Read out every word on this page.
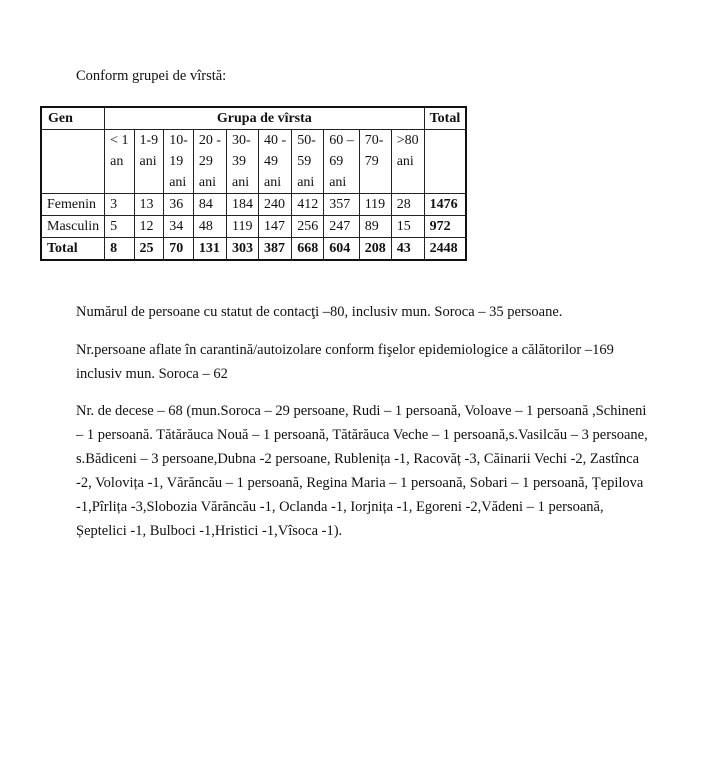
Conform grupei de vîrstă:
Gen	Grupa de vîrsta										Total
	< 1	1-9	10-	20 -	30-	40 -	50-	60 –	70-	>80	
	an	ani	19	29	39	49	59	69	79	ani	
			ani	ani	ani	ani	ani	ani			
Femenin	3	13	36	84	184	240	412	357	119	28	1476
Masculin	5	12	34	48	119	147	256	247	89	15	972
Total	8	25	70	131	303	387	668	604	208	43	2448
Numărul de persoane cu statut de contacţi –80, inclusiv mun. Soroca – 35 persoane.
Nr.persoane aflate în carantină/autoizolare conform fişelor epidemiologice a călătorilor –169 inclusiv mun. Soroca – 62
Nr. de decese – 68 (mun.Soroca – 29 persoane, Rudi – 1 persoană, Voloave – 1 persoană ,Schineni – 1 persoană. Tătărăuca Nouă – 1 persoană, Tătărăuca Veche – 1 persoană,s.Vasilcău – 3 persoane, s.Bădiceni – 3 persoane,Dubna -2 persoane, Rublenița -1, Racovăț -3, Căinarii Vechi -2, Zastînca -2, Volovița -1, Vărăncău – 1 persoană, Regina Maria – 1 persoană, Sobari – 1 persoană, Țepilova -1,Pîrlița -3,Slobozia Vărăncău -1, Oclanda -1, Iorjnița -1, Egoreni -2,Vădeni – 1 persoană, Șeptelici -1, Bulboci -1,Hristici -1,Vîsoca -1).
